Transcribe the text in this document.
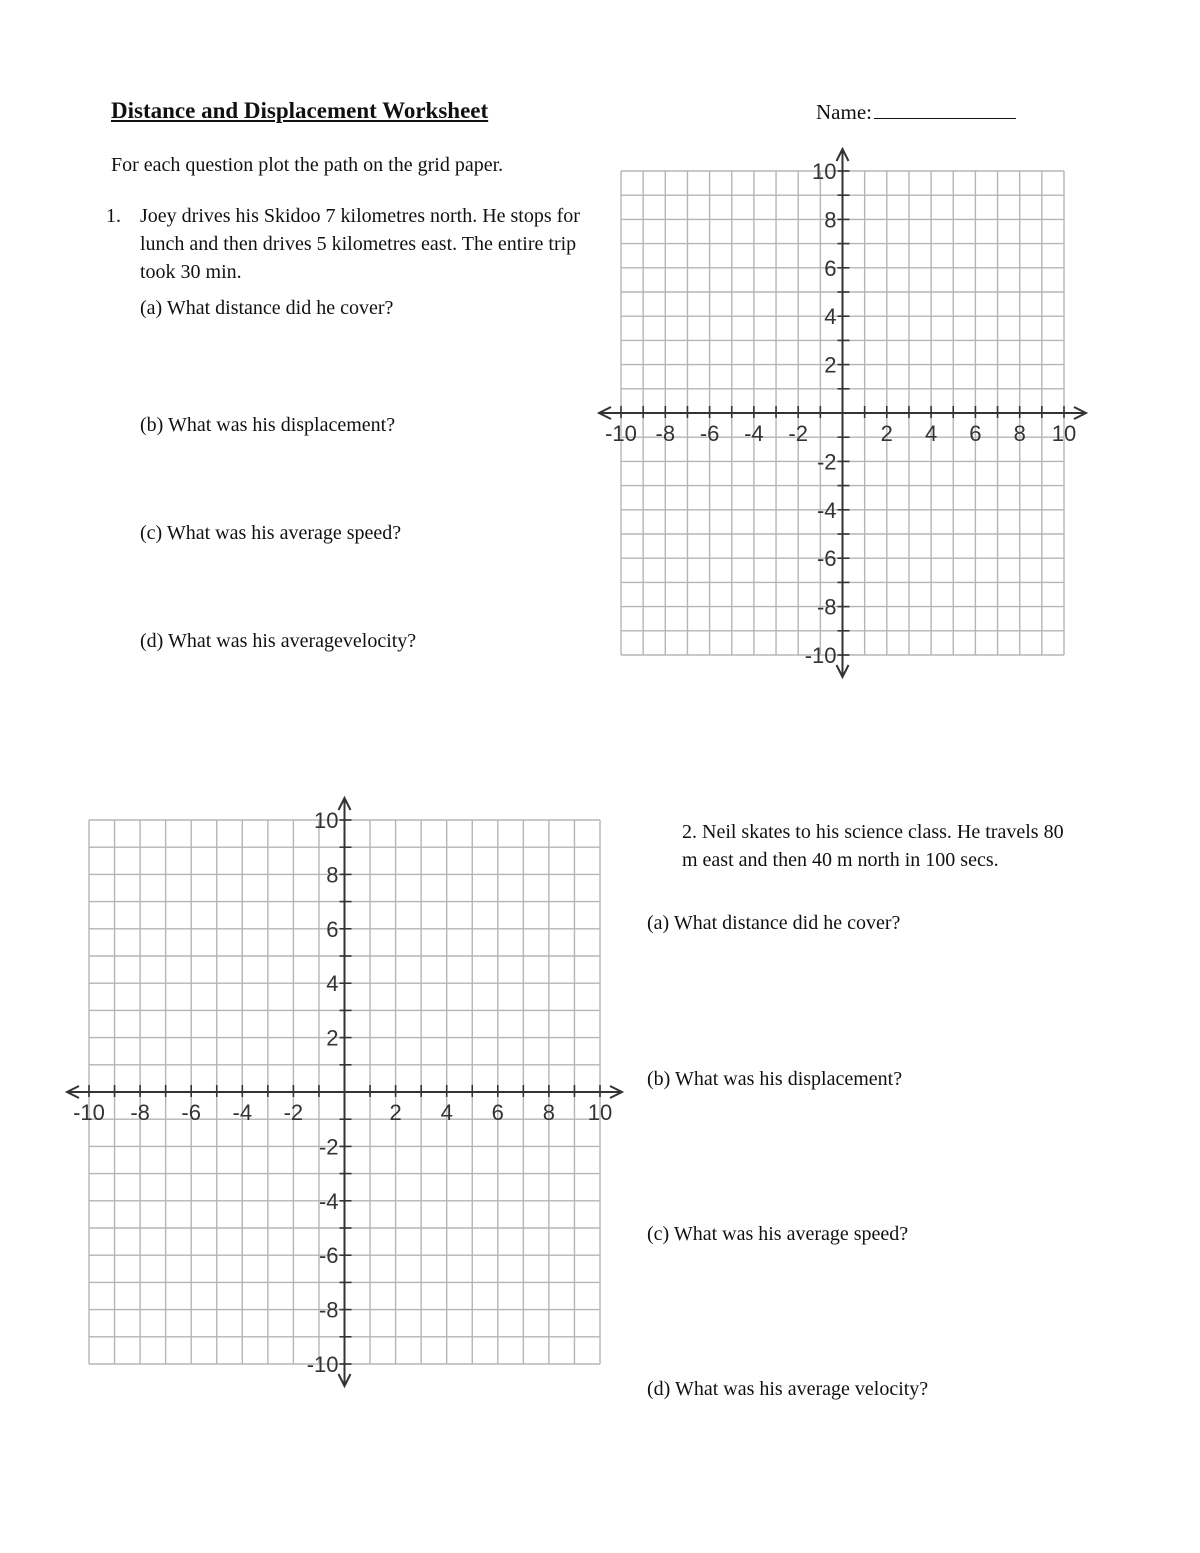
Distance and Displacement Worksheet	Name:
For each question plot the path on the grid paper.
1. Joey drives his Skidoo 7 kilometres north. He stops for lunch and then drives 5 kilometres east. The entire trip took 30 min.
(a) What distance did he cover?
(b) What was his displacement?
(c) What was his average speed?
(d) What was his averagevelocity?
2. Neil skates to his science class. He travels 80 m east and then 40 m north in 100 secs.
(a) What distance did he cover?
(b) What was his displacement?
(c) What was his average speed?
(d) What was his average velocity?
-10
-10
-8
-8
-6
-6
-4
-4
-2
-2
2
2
4
4
6
6
8
8
10
10
-10
-10
-8
-8
-6
-6
-4
-4
-2
-2
2
2
4
4
6
6
8
8
10
10
